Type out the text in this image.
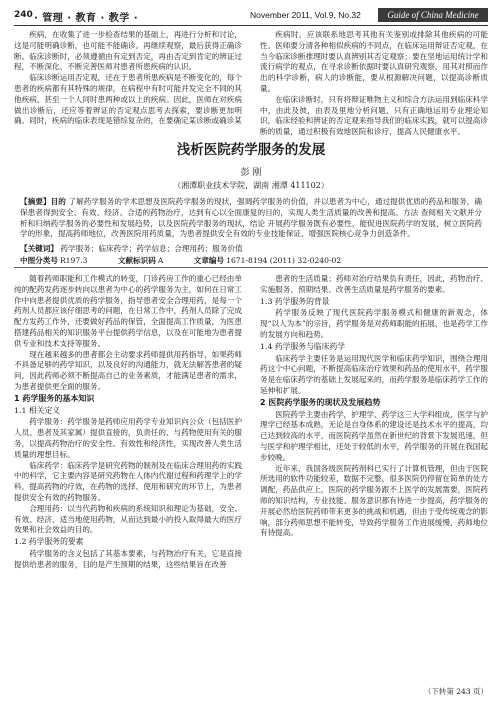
240 · 管理 · 教育 · 教学 ·	November 2011, Vol.9, No.32	Guide of China Medicine

疾病，在收集了进一步检查结果的基础上，再进行分析和讨论，这是可能明确诊断，也可能不能确诊。再继续观察，最后获得正确诊断。临床诊断时，必须遵循由有定到否定，再由否定到肯定的辨证过程，不断深化、不断完善医师对患者所患疾病的认识。

临床诊断运用否定观，还在于患者所患疾病是不断变化的，每个患者的疾病都有其特殊的规律，在病程中有时可能并发完全不同的其他疾病。甚至一个人同时患两种或以上的疾病。因此，医师在对疾病做出诊断后，还应等着辨证的否定观点思考去探索，要诊断更加明确。同时，疾病的临床表现是错综复杂的，在要确定某诊断或确诊某

疾病时，应该联系地思考其他有关鉴别或排除其他疾病的可能性。医师要分清各种相似疾病的不同点，在临床运用辩证否定观，在当今临床诊断推理时要认真辨别其否定观察；要在坚地运用统计学和流行病学的观点，在寻求诊断依据时要认真研究观察，用其对照而作出的科学诊断，病人的诊断能，要从根源解决问题，以提高诊断质量。

在临床诊断时，只有将辩证唯物主义和综合方法运用到临床科学中，由此及彼，由表及里地分析问题，只有正确地运用专业理论知识，临床经验和辨证的否定观来指导我们的临床实践，就可以提高诊断的质量，通过积极有效地医院和诊疗，提高人民健康水平。

浅析医院药学服务的发展
彭 刚
（湘潭职业技术学院，湖南 湘潭 411102）
【摘要】目的 了解药学服务的学术思想及医院药学服务的现状，强调药学服务的价值，并以患者为中心，通过提供优质的药品和服务，确保患者得到安全、有效、经济、合适的药物治疗，达到有心以全面康复的目的，实现人类生活质量的改善和提高。方法 查阅相关文献并分析和归纳药学服务的必要性和发展趋势，以及医院药学服务的现状，结论 开展药学服务既有必要性，能促进医院药学的发展，树立医院药学的形象，提高药师地位，改善医院用药质量，为患者提供安全有效的专业技能保证、增强医院核心竞争力创造条件。
【关键词】 药学服务；临床药学；药学信息；合理用药；服务价值
中图分类号 R197.3	文献标识码 A	文章编号 1671-8194 (2011) 32-0240-02

随着药师职能和工作模式的转变，门诊药房工作的重心已经由单纯的配药发药逐步转向以患者为中心的药学服务为主，如何在日常工作中向患者提供优质的药学服务，指导患者安全合理用药，是每一个药剂人员都应该仔细思考的问题，在日常工作中，药剂人员除了完成配方发药工作外，还要做好药品的保管，全面提高工作质量，为医患搭建药品相关的知识服务平台提供药学信息，以及在可能地为患者提供专业和技术支持等服务。

现在越来越多的患者都会主动要求药师提供用药指导，如果药师不具备足够的药学知识，以及良好的沟通能力，就无法解答患者的疑问，因此药师必须不断提高自己的业务素质，才能满足患者的需求，为患者提供更全面的服务。

1 药学服务的基本知识
1.1 相关定义

药学服务：药学服务是药师应用药学专业知识向公众（包括医护人员、患者及其家属）提供直接的，负责任的、与药物使用有关的服务，以提高药物治疗的安全性、有效性和经济性，实现改善人类生活质量的理想目标。

临床药学：临床药学是研究药物的制剂及在临床合理用药的实践中的科学，它主要内容是研究药物在人体内代谢过程和药理学上的学科，提高药物的疗效，在药物的选择、使用和研究的环节上，为患者提供安全有效的药物服务。

合理用药：以当代药物和疾病的系统知识和理论为基础，安全、有效、经济、适当地使用药物，从而达到最小的投入取得最大的医疗效果和社会效益的目的。

1.2 药学服务的要素

药学服务的含义包括了其基本要素，与药物治疗有关，它是直接提供给患者的服务，目的是产生预期的结果，这些结果旨在改善

患者的生活质量；药师对治疗结果负有责任，因此，药物治疗、实施服务、预期结果、改善生活质量是药学服务的要素。

1.3 药学服务的背景

药学服务反映了现代医院药学服务模式和健康的新观念，体现“以人为本”的宗旨，药学服务是对药师职能的拓展，也是药学工作的发展方向和趋势。

1.4 药学服务与临床药学

临床药学主要任务是运用现代医学和临床药学知识，围绕合理用药这个中心问题，不断提高临床治疗效果和药品的使用水平，药学服务是在临床药学的基础上发展起来的，而药学服务是临床药学工作的延伸和扩展。

2 医院药学服务的现状及发展趋势

医院药学主要由药学，护理学、药学这三大学科组成，医学与护理学已经基本成熟，无论是自身体系的建设还是技术水平的提高，均已达到较高的水平，而医院药学虽然在新世纪的背景下发展迅速，但与医学和护理学相比，还处于较低的水平，药学服务的开展在我国起步较晚。

近年来，我国各级医院药剂科已实行了计算机管理，但由于医院所选用的软件功能较差，数据不完整，很多医院仍停留在简单的处方调配，药品供应上，医院的药学服务跟不上医学的发展需要，医院药师的知识结构，专业技能、服务意识都有待进一步提高，药学服务的开展必然给医院药师带来更多的挑战和机遇，但由于受传统观念的影响，部分药师思想不能转变，导致药学服务工作进展缓慢，药师地位有待提高。

（下转第 243 页）
